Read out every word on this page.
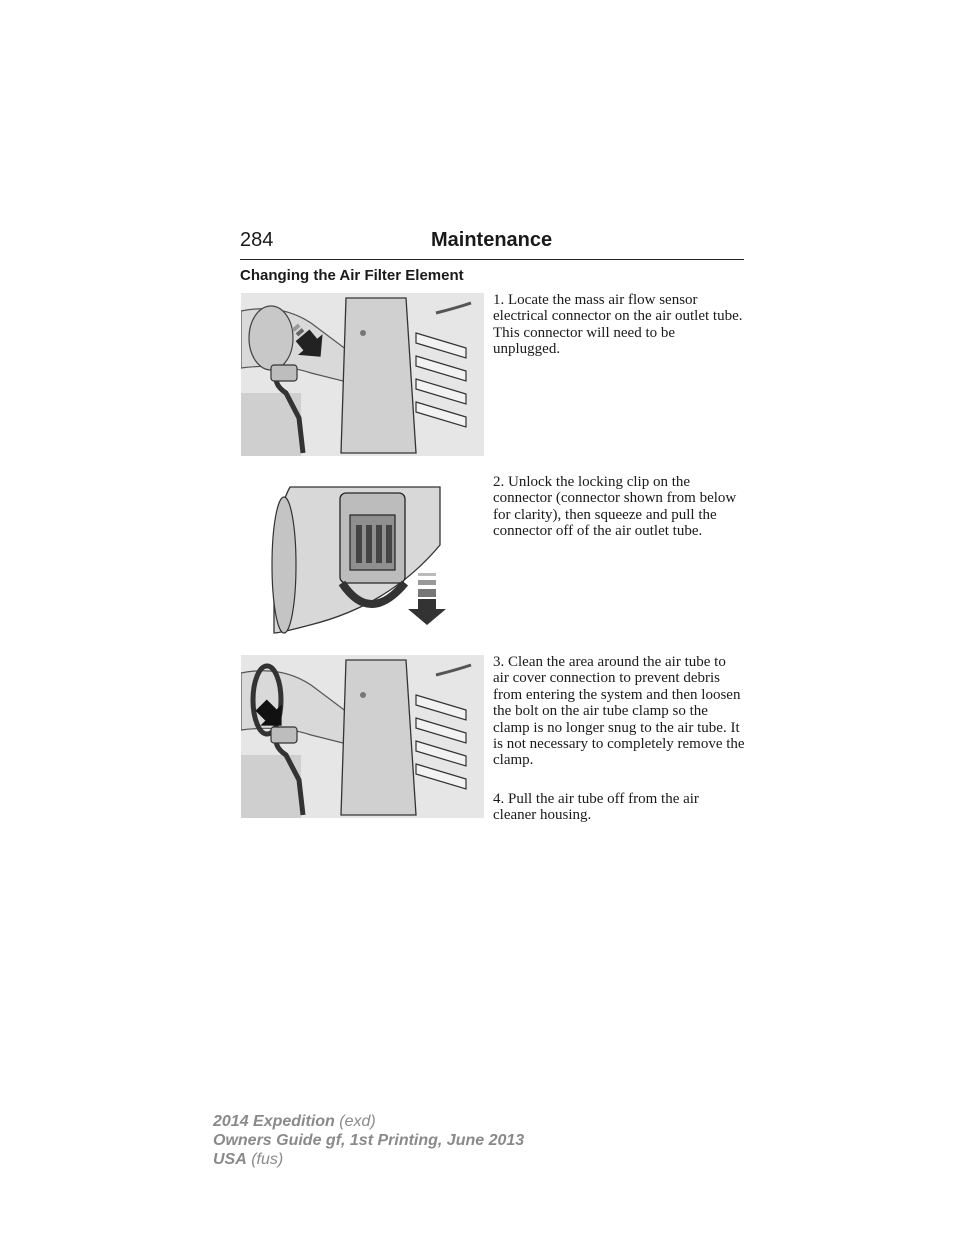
284	Maintenance
Changing the Air Filter Element

1. Locate the mass air flow sensor electrical connector on the air outlet tube. This connector will need to be unplugged.

2. Unlock the locking clip on the connector (connector shown from below for clarity), then squeeze and pull the connector off of the air outlet tube.

3. Clean the area around the air tube to air cover connection to prevent debris from entering the system and then loosen the bolt on the air tube clamp so the clamp is no longer snug to the air tube. It is not necessary to completely remove the clamp.

4. Pull the air tube off from the air cleaner housing.

2014 Expedition (exd)
Owners Guide gf, 1st Printing, June 2013
USA (fus)
